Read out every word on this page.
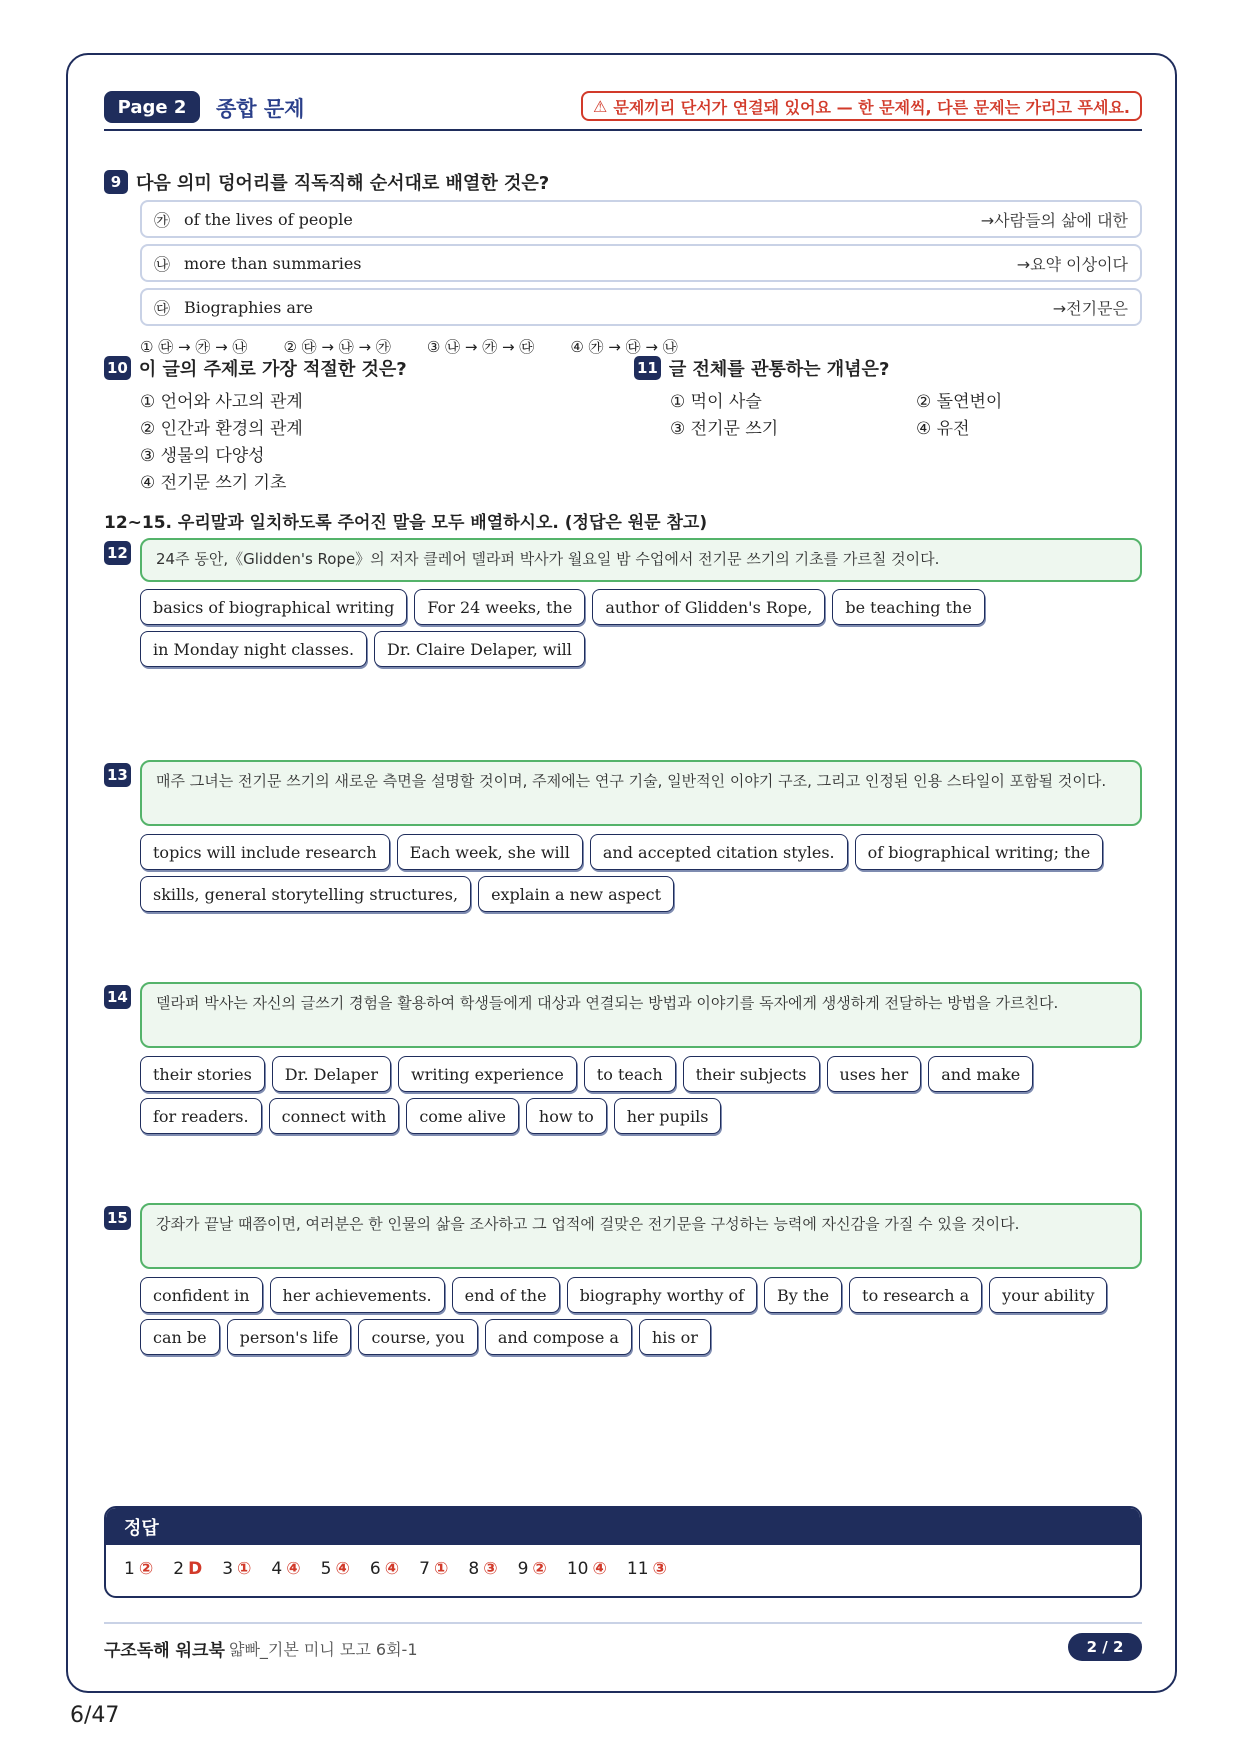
Page 2	종합 문제	⚠ 문제끼리 단서가 연결돼 있어요 — 한 문제씩, 다른 문제는 가리고 푸세요.
9 다음 의미 덩어리를 직독직해 순서대로 배열한 것은?
㉮ of the lives of people	→사람들의 삶에 대한
㉯ more than summaries	→요약 이상이다
㉰ Biographies are	→전기문은
① ㉰ → ㉮ → ㉯ ② ㉰ → ㉯ → ㉮ ③ ㉯ → ㉮ → ㉰ ④ ㉮ → ㉰ → ㉯
10 이 글의 주제로 가장 적절한 것은?
① 언어와 사고의 관계
② 인간과 환경의 관계
③ 생물의 다양성
④ 전기문 쓰기 기초
11 글 전체를 관통하는 개념은?
① 먹이 사슬	② 돌연변이
③ 전기문 쓰기	④ 유전
12~15. 우리말과 일치하도록 주어진 말을 모두 배열하시오. (정답은 원문 참고)
12	24주 동안,《Glidden's Rope》의 저자 클레어 델라퍼 박사가 월요일 밤 수업에서 전기문 쓰기의 기초를 가르칠 것이다.
basics of biographical writing	For 24 weeks, the	author of Glidden's Rope,	be teaching the
in Monday night classes.	Dr. Claire Delaper, will
13	매주 그녀는 전기문 쓰기의 새로운 측면을 설명할 것이며, 주제에는 연구 기술, 일반적인 이야기 구조, 그리고 인정된 인용 스타일이 포함될 것이다.
topics will include research	Each week, she will	and accepted citation styles.	of biographical writing; the
skills, general storytelling structures,	explain a new aspect
14	델라퍼 박사는 자신의 글쓰기 경험을 활용하여 학생들에게 대상과 연결되는 방법과 이야기를 독자에게 생생하게 전달하는 방법을 가르친다.
their stories	Dr. Delaper	writing experience	to teach	their subjects	uses her	and make
for readers.	connect with	come alive	how to	her pupils
15	강좌가 끝날 때쯤이면, 여러분은 한 인물의 삶을 조사하고 그 업적에 걸맞은 전기문을 구성하는 능력에 자신감을 가질 수 있을 것이다.
confident in	her achievements.	end of the	biography worthy of	By the	to research a	your ability
can be	person's life	course, you	and compose a	his or
정답
1 ② 2 D 3 ① 4 ④ 5 ④ 6 ④ 7 ① 8 ③ 9 ② 10 ④ 11 ③
구조독해 워크북 얇빠_기본 미니 모고 6회-1	2 / 2
6/47
